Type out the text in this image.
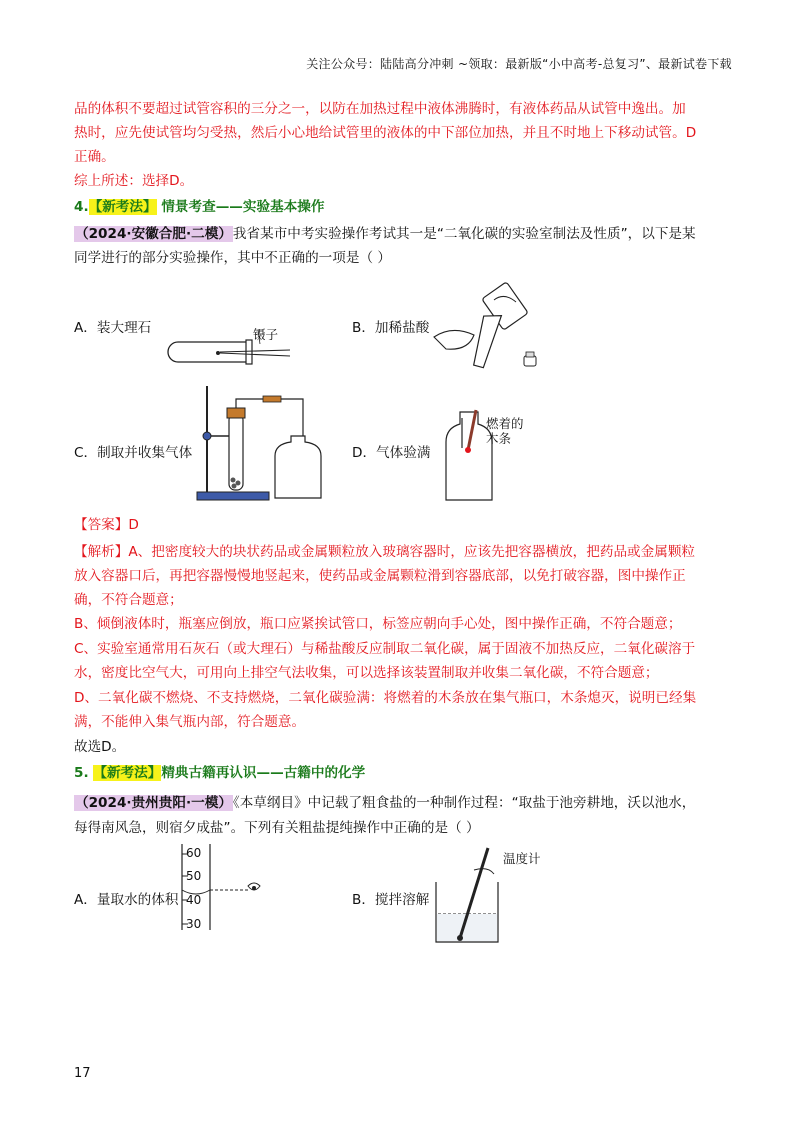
关注公众号：陆陆高分冲刺 ~领取：最新版“小中高考-总复习”、最新试卷下载
品的体积不要超过试管容积的三分之一，以防在加热过程中液体沸腾时，有液体药品从试管中逸出。加
热时，应先使试管均匀受热，然后小心地给试管里的液体的中下部位加热，并且不时地上下移动试管。D
正确。
综上所述：选择D。
4.【新考法】 情景考查——实验基本操作
（2024·安徽合肥·二模）我省某市中考实验操作考试其一是“二氧化碳的实验室制法及性质”，以下是某
同学进行的部分实验操作，其中不正确的一项是（ ）
A．装大理石	B．加稀盐酸
C．制取并收集气体	D．气体验满
镊子
燃着的
木条
【答案】D
【解析】A、把密度较大的块状药品或金属颗粒放入玻璃容器时，应该先把容器横放，把药品或金属颗粒
放入容器口后，再把容器慢慢地竖起来，使药品或金属颗粒滑到容器底部，以免打破容器，图中操作正
确，不符合题意；
B、倾倒液体时，瓶塞应倒放，瓶口应紧挨试管口，标签应朝向手心处，图中操作正确，不符合题意；
C、实验室通常用石灰石（或大理石）与稀盐酸反应制取二氧化碳，属于固液不加热反应，二氧化碳溶于
水，密度比空气大，可用向上排空气法收集，可以选择该装置制取并收集二氧化碳，不符合题意；
D、二氧化碳不燃烧、不支持燃烧，二氧化碳验满：将燃着的木条放在集气瓶口，木条熄灭，说明已经集
满，不能伸入集气瓶内部，符合题意。
故选D。
5. 【新考法】精典古籍再认识——古籍中的化学
（2024·贵州贵阳·一模）《本草纲目》中记载了粗食盐的一种制作过程：“取盐于池旁耕地，沃以池水，
每得南风急，则宿夕成盐”。下列有关粗盐提纯操作中正确的是（ ）
A．量取水的体积	B．搅拌溶解
60
50
40
30
温度计
17
